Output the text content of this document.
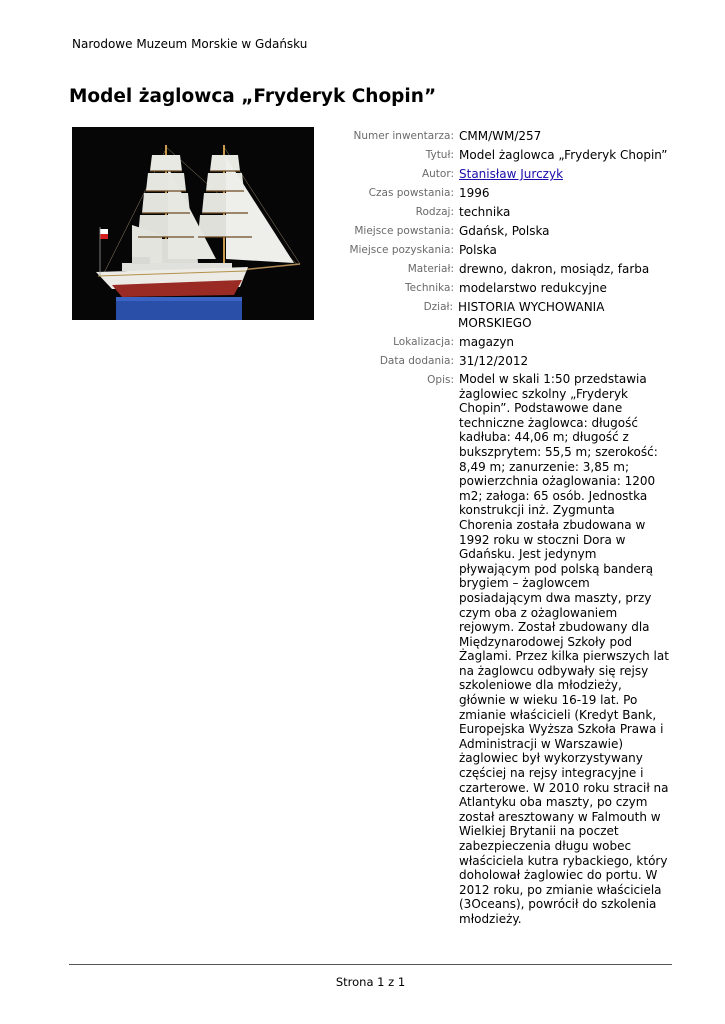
Narodowe Muzeum Morskie w Gdańsku
Model żaglowca „Fryderyk Chopin”
Numer inwentarza: CMM/WM/257
Tytuł: Model żaglowca „Fryderyk Chopin”
Autor: Stanisław Jurczyk
Czas powstania: 1996
Rodzaj: technika
Miejsce powstania: Gdańsk, Polska
Miejsce pozyskania: Polska
Materiał: drewno, dakron, mosiądz, farba
Technika: modelarstwo redukcyjne
Dział: HISTORIA WYCHOWANIA MORSKIEGO
Lokalizacja: magazyn
Data dodania: 31/12/2012
Opis: Model w skali 1:50 przedstawia żaglowiec szkolny „Fryderyk Chopin”. Podstawowe dane techniczne żaglowca: długość kadłuba: 44,06 m; długość z bukszprytem: 55,5 m; szerokość: 8,49 m; zanurzenie: 3,85 m; powierzchnia ożaglowania: 1200 m2; załoga: 65 osób. Jednostka konstrukcji inż. Zygmunta Chorenia została zbudowana w 1992 roku w stoczni Dora w Gdańsku. Jest jedynym pływającym pod polską banderą brygiem – żaglowcem posiadającym dwa maszty, przy czym oba z ożaglowaniem rejowym. Został zbudowany dla Międzynarodowej Szkoły pod Żaglami. Przez kilka pierwszych lat na żaglowcu odbywały się rejsy szkoleniowe dla młodzieży, głównie w wieku 16-19 lat. Po zmianie właścicieli (Kredyt Bank, Europejska Wyższa Szkoła Prawa i Administracji w Warszawie) żaglowiec był wykorzystywany częściej na rejsy integracyjne i czarterowe. W 2010 roku stracił na Atlantyku oba maszty, po czym został aresztowany w Falmouth w Wielkiej Brytanii na poczet zabezpieczenia długu wobec właściciela kutra rybackiego, który doholował żaglowiec do portu. W 2012 roku, po zmianie właściciela (3Oceans), powrócił do szkolenia młodzieży.
Strona 1 z 1
